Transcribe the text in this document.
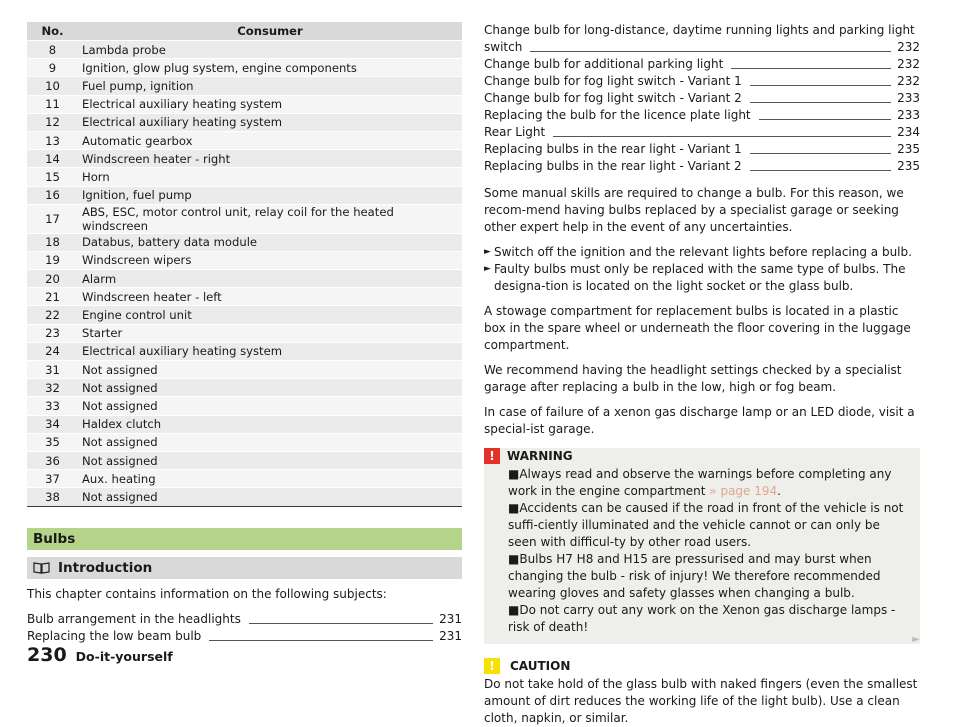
No.	Consumer
8	Lambda probe
9	Ignition, glow plug system, engine components
10	Fuel pump, ignition
11	Electrical auxiliary heating system
12	Electrical auxiliary heating system
13	Automatic gearbox
14	Windscreen heater - right
15	Horn
16	Ignition, fuel pump
17	ABS, ESC, motor control unit, relay coil for the heated windscreen
18	Databus, battery data module
19	Windscreen wipers
20	Alarm
21	Windscreen heater - left
22	Engine control unit
23	Starter
24	Electrical auxiliary heating system
31	Not assigned
32	Not assigned
33	Not assigned
34	Haldex clutch
35	Not assigned
36	Not assigned
37	Aux. heating
38	Not assigned
Bulbs
Introduction

This chapter contains information on the following subjects:

Bulb arrangement in the headlights	231
Replacing the low beam bulb	231
Change bulb for long-distance, daytime running lights and parking light
switch	232
Change bulb for additional parking light	232
Change bulb for fog light switch - Variant 1	232
Change bulb for fog light switch - Variant 2	233
Replacing the bulb for the licence plate light	233
Rear Light	234
Replacing bulbs in the rear light - Variant 1	235
Replacing bulbs in the rear light - Variant 2	235

Some manual skills are required to change a bulb. For this reason, we recom-mend having bulbs replaced by a specialist garage or seeking other expert help in the event of any uncertainties.

► Switch off the ignition and the relevant lights before replacing a bulb.
► Faulty bulbs must only be replaced with the same type of bulbs. The designa-tion is located on the light socket or the glass bulb.

A stowage compartment for replacement bulbs is located in a plastic box in the spare wheel or underneath the floor covering in the luggage compartment.

We recommend having the headlight settings checked by a specialist garage after replacing a bulb in the low, high or fog beam.

In case of failure of a xenon gas discharge lamp or an LED diode, visit a special-ist garage.

!	WARNING
■Always read and observe the warnings before completing any work in the engine compartment » page 194.
■Accidents can be caused if the road in front of the vehicle is not suffi-ciently illuminated and the vehicle cannot or can only be seen with difficul-ty by other road users.
■Bulbs H7 H8 and H15 are pressurised and may burst when changing the bulb - risk of injury! We therefore recommended wearing gloves and safety glasses when changing a bulb.
■Do not carry out any work on the Xenon gas discharge lamps - risk of death!
!	CAUTION
Do not take hold of the glass bulb with naked fingers (even the smallest amount of dirt reduces the working life of the light bulb). Use a clean cloth, napkin, or similar.
►
230 Do-it-yourself
